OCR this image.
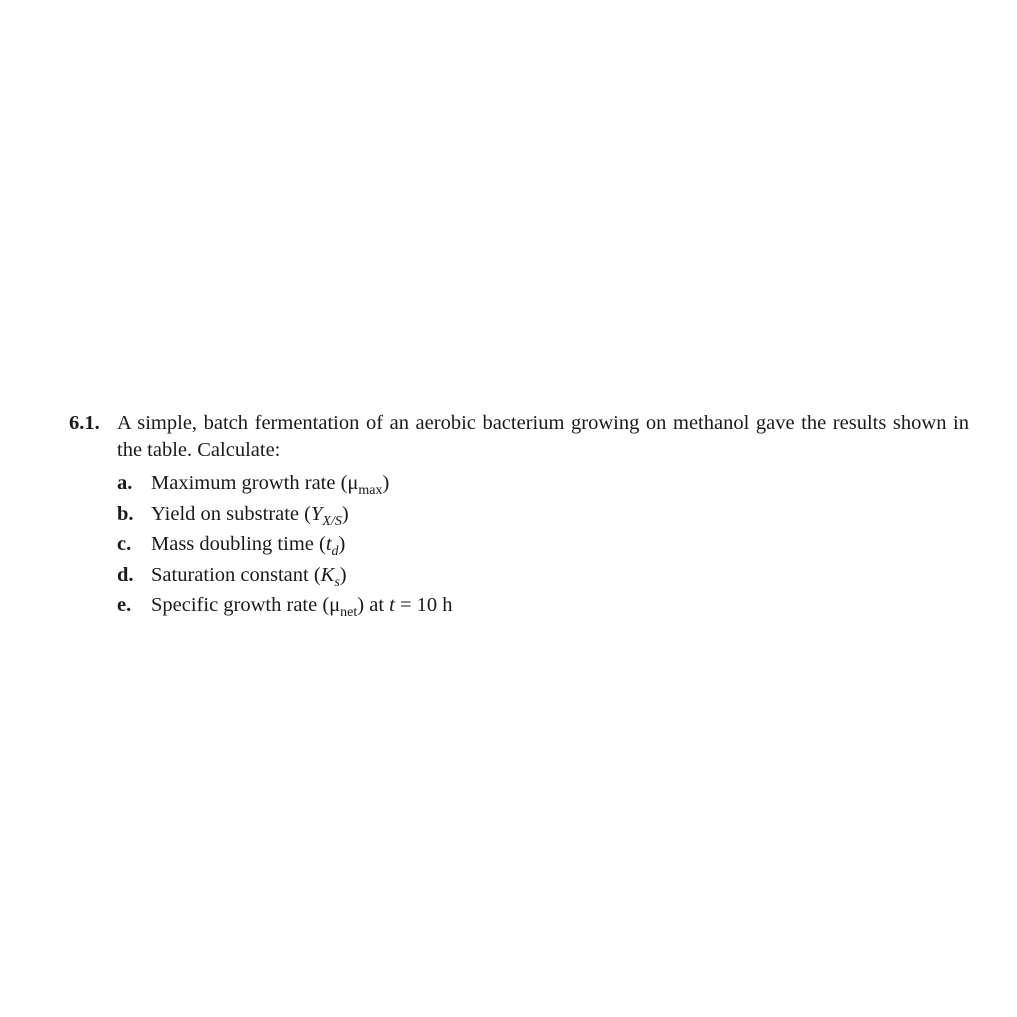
6.1. A simple, batch fermentation of an aerobic bacterium growing on methanol gave the results shown in the table. Calculate:

a. Maximum growth rate $(\mu_{max})$
b. Yield on substrate $(Y_{X/S})$
c. Mass doubling time $(t_d)$
d. Saturation constant $(K_s)$
e. Specific growth rate $(\mu_{net})$ at t = 10 h
